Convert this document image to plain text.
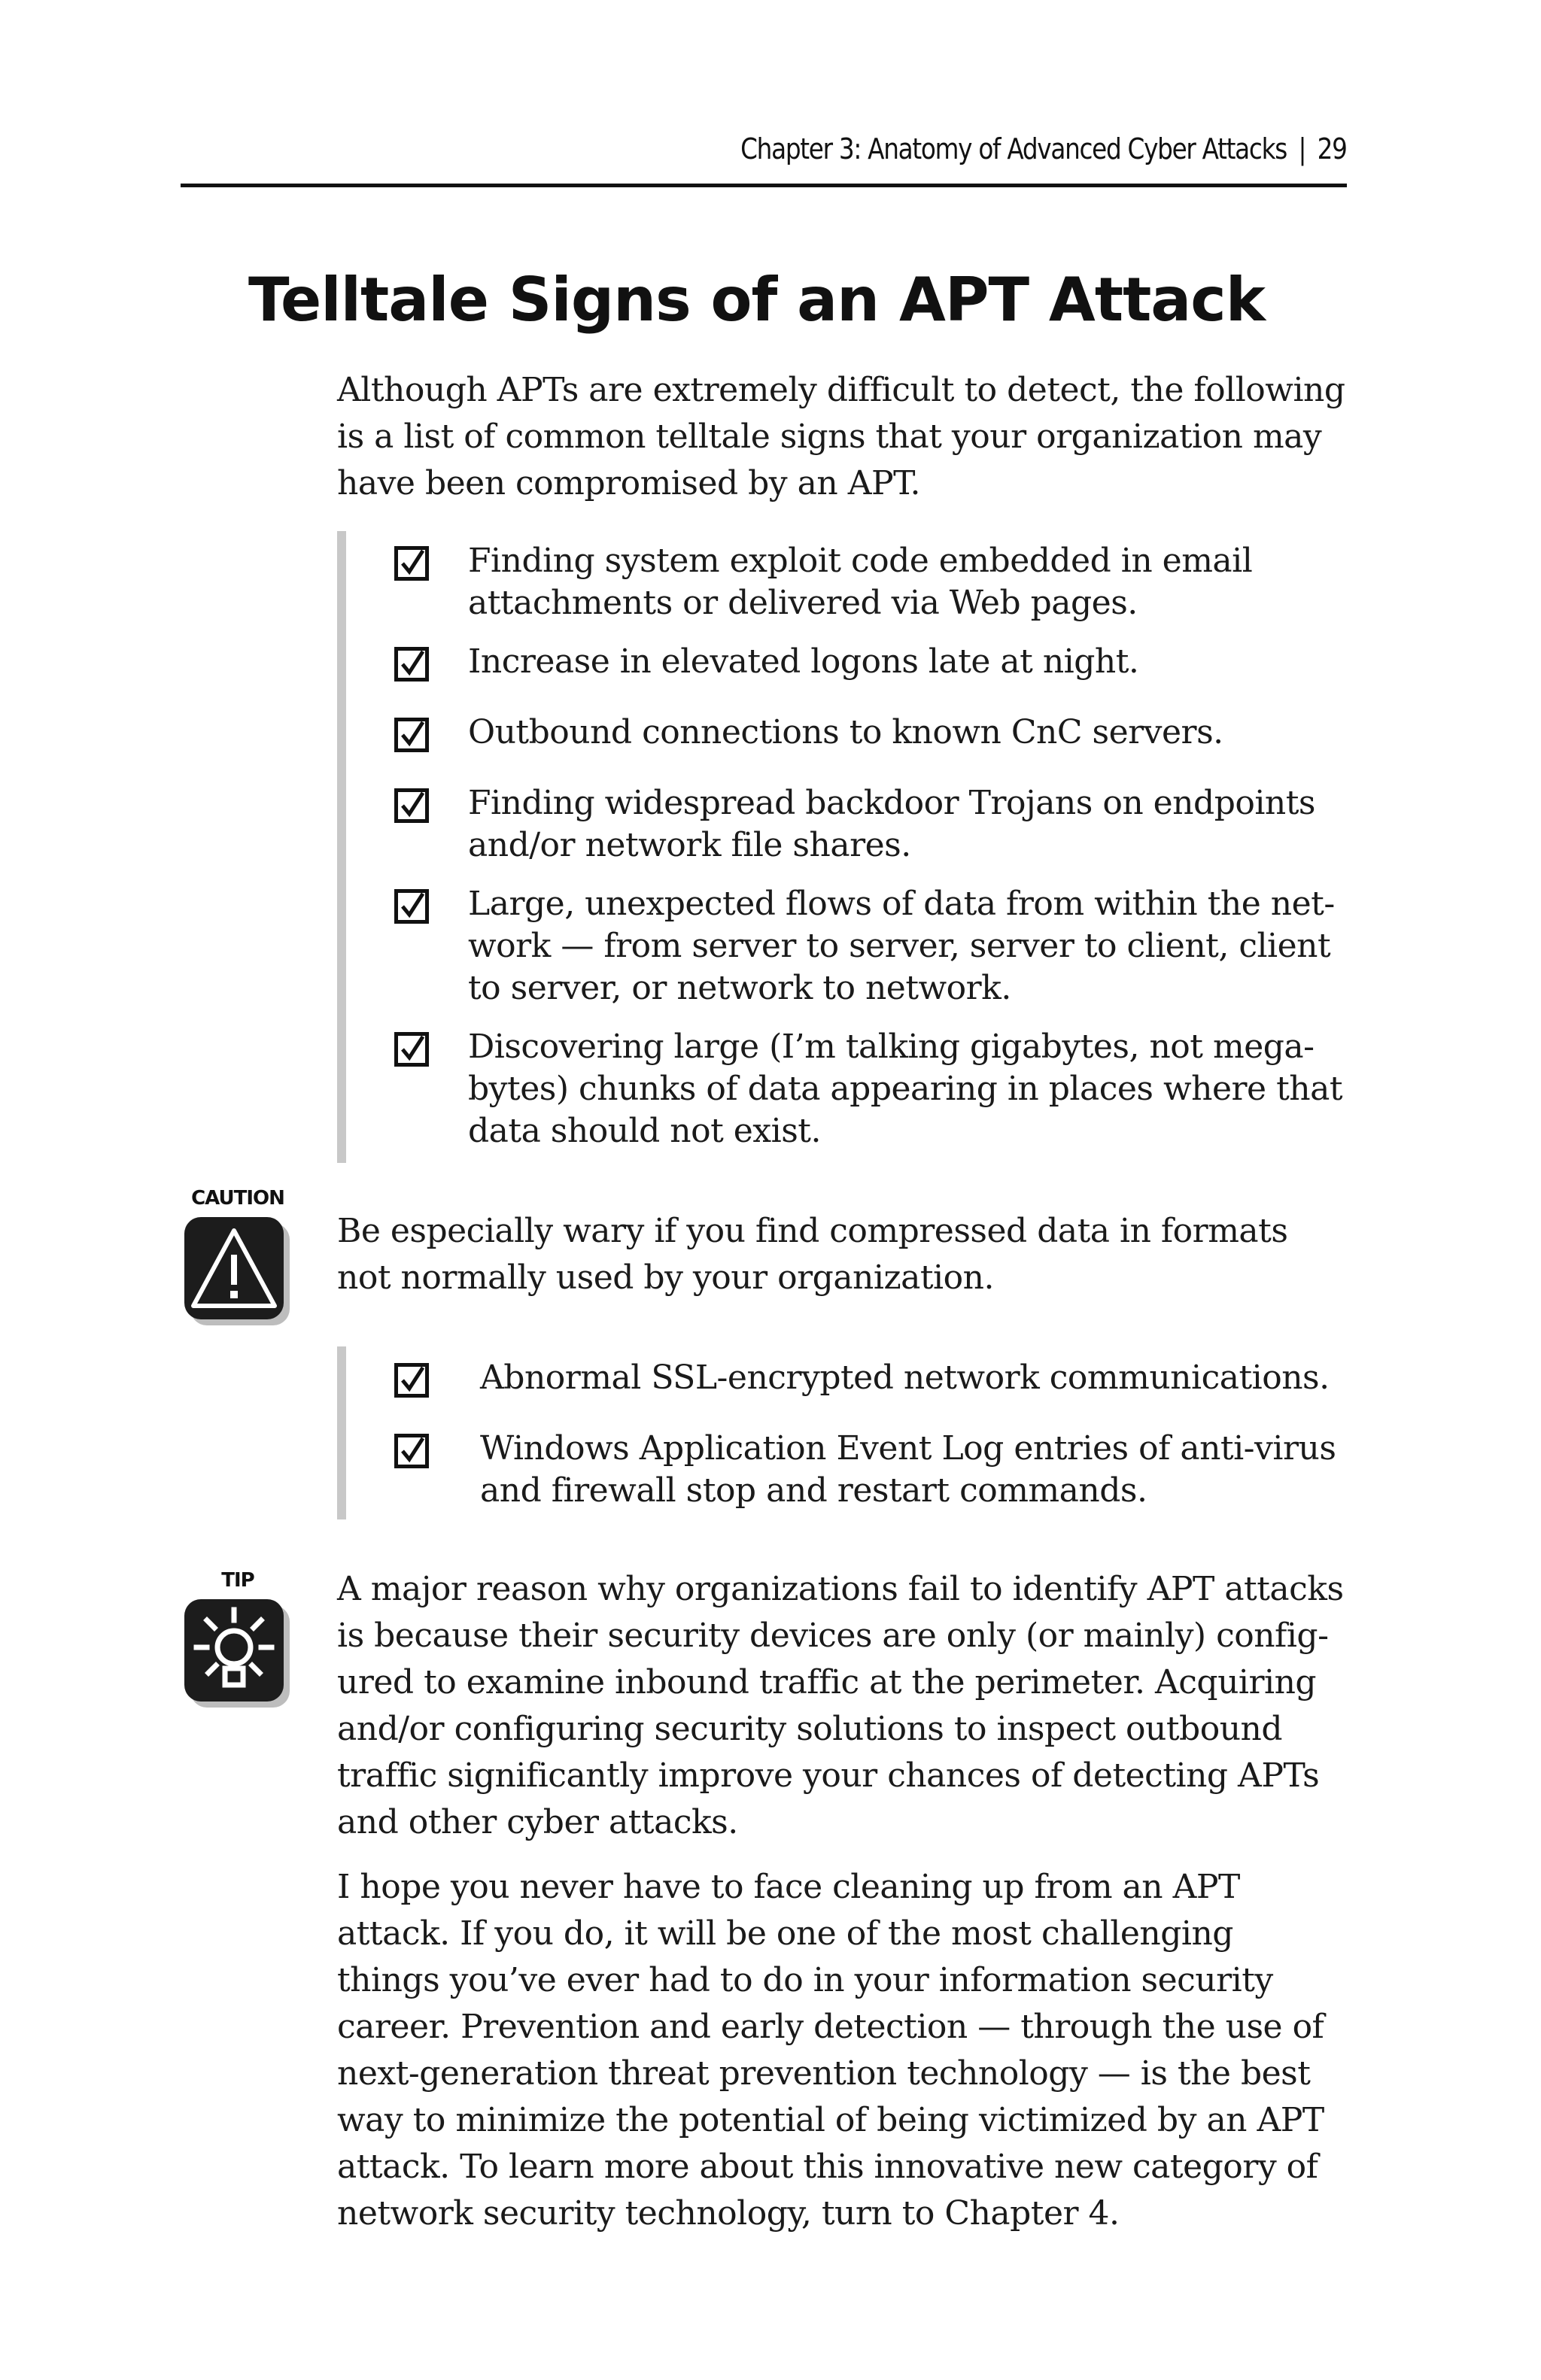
Chapter 3: Anatomy of Advanced Cyber Attacks | 29
Telltale Signs of an APT Attack

Although APTs are extremely difficult to detect, the following is a list of common telltale signs that your organization may have been compromised by an APT.

Finding system exploit code embedded in email attachments or delivered via Web pages.
Increase in elevated logons late at night.
Outbound connections to known CnC servers.
Finding widespread backdoor Trojans on endpoints and/or network file shares.
Large, unexpected flows of data from within the network — from server to server, server to client, client to server, or network to network.
Discovering large (I’m talking gigabytes, not megabytes) chunks of data appearing in places where that data should not exist.
CAUTION

Be especially wary if you find compressed data in formats not normally used by your organization.

Abnormal SSL-encrypted network communications.
Windows Application Event Log entries of anti-virus and firewall stop and restart commands.
TIP	A major reason why organizations fail to identify APT attacks is because their security devices are only (or mainly) configured to examine inbound traffic at the perimeter. Acquiring and/or configuring security solutions to inspect outbound traffic significantly improve your chances of detecting APTs and other cyber attacks.

I hope you never have to face cleaning up from an APT attack. If you do, it will be one of the most challenging things you’ve ever had to do in your information security career. Prevention and early detection — through the use of next-generation threat prevention technology — is the best way to minimize the potential of being victimized by an APT attack. To learn more about this innovative new category of network security technology, turn to Chapter 4.
